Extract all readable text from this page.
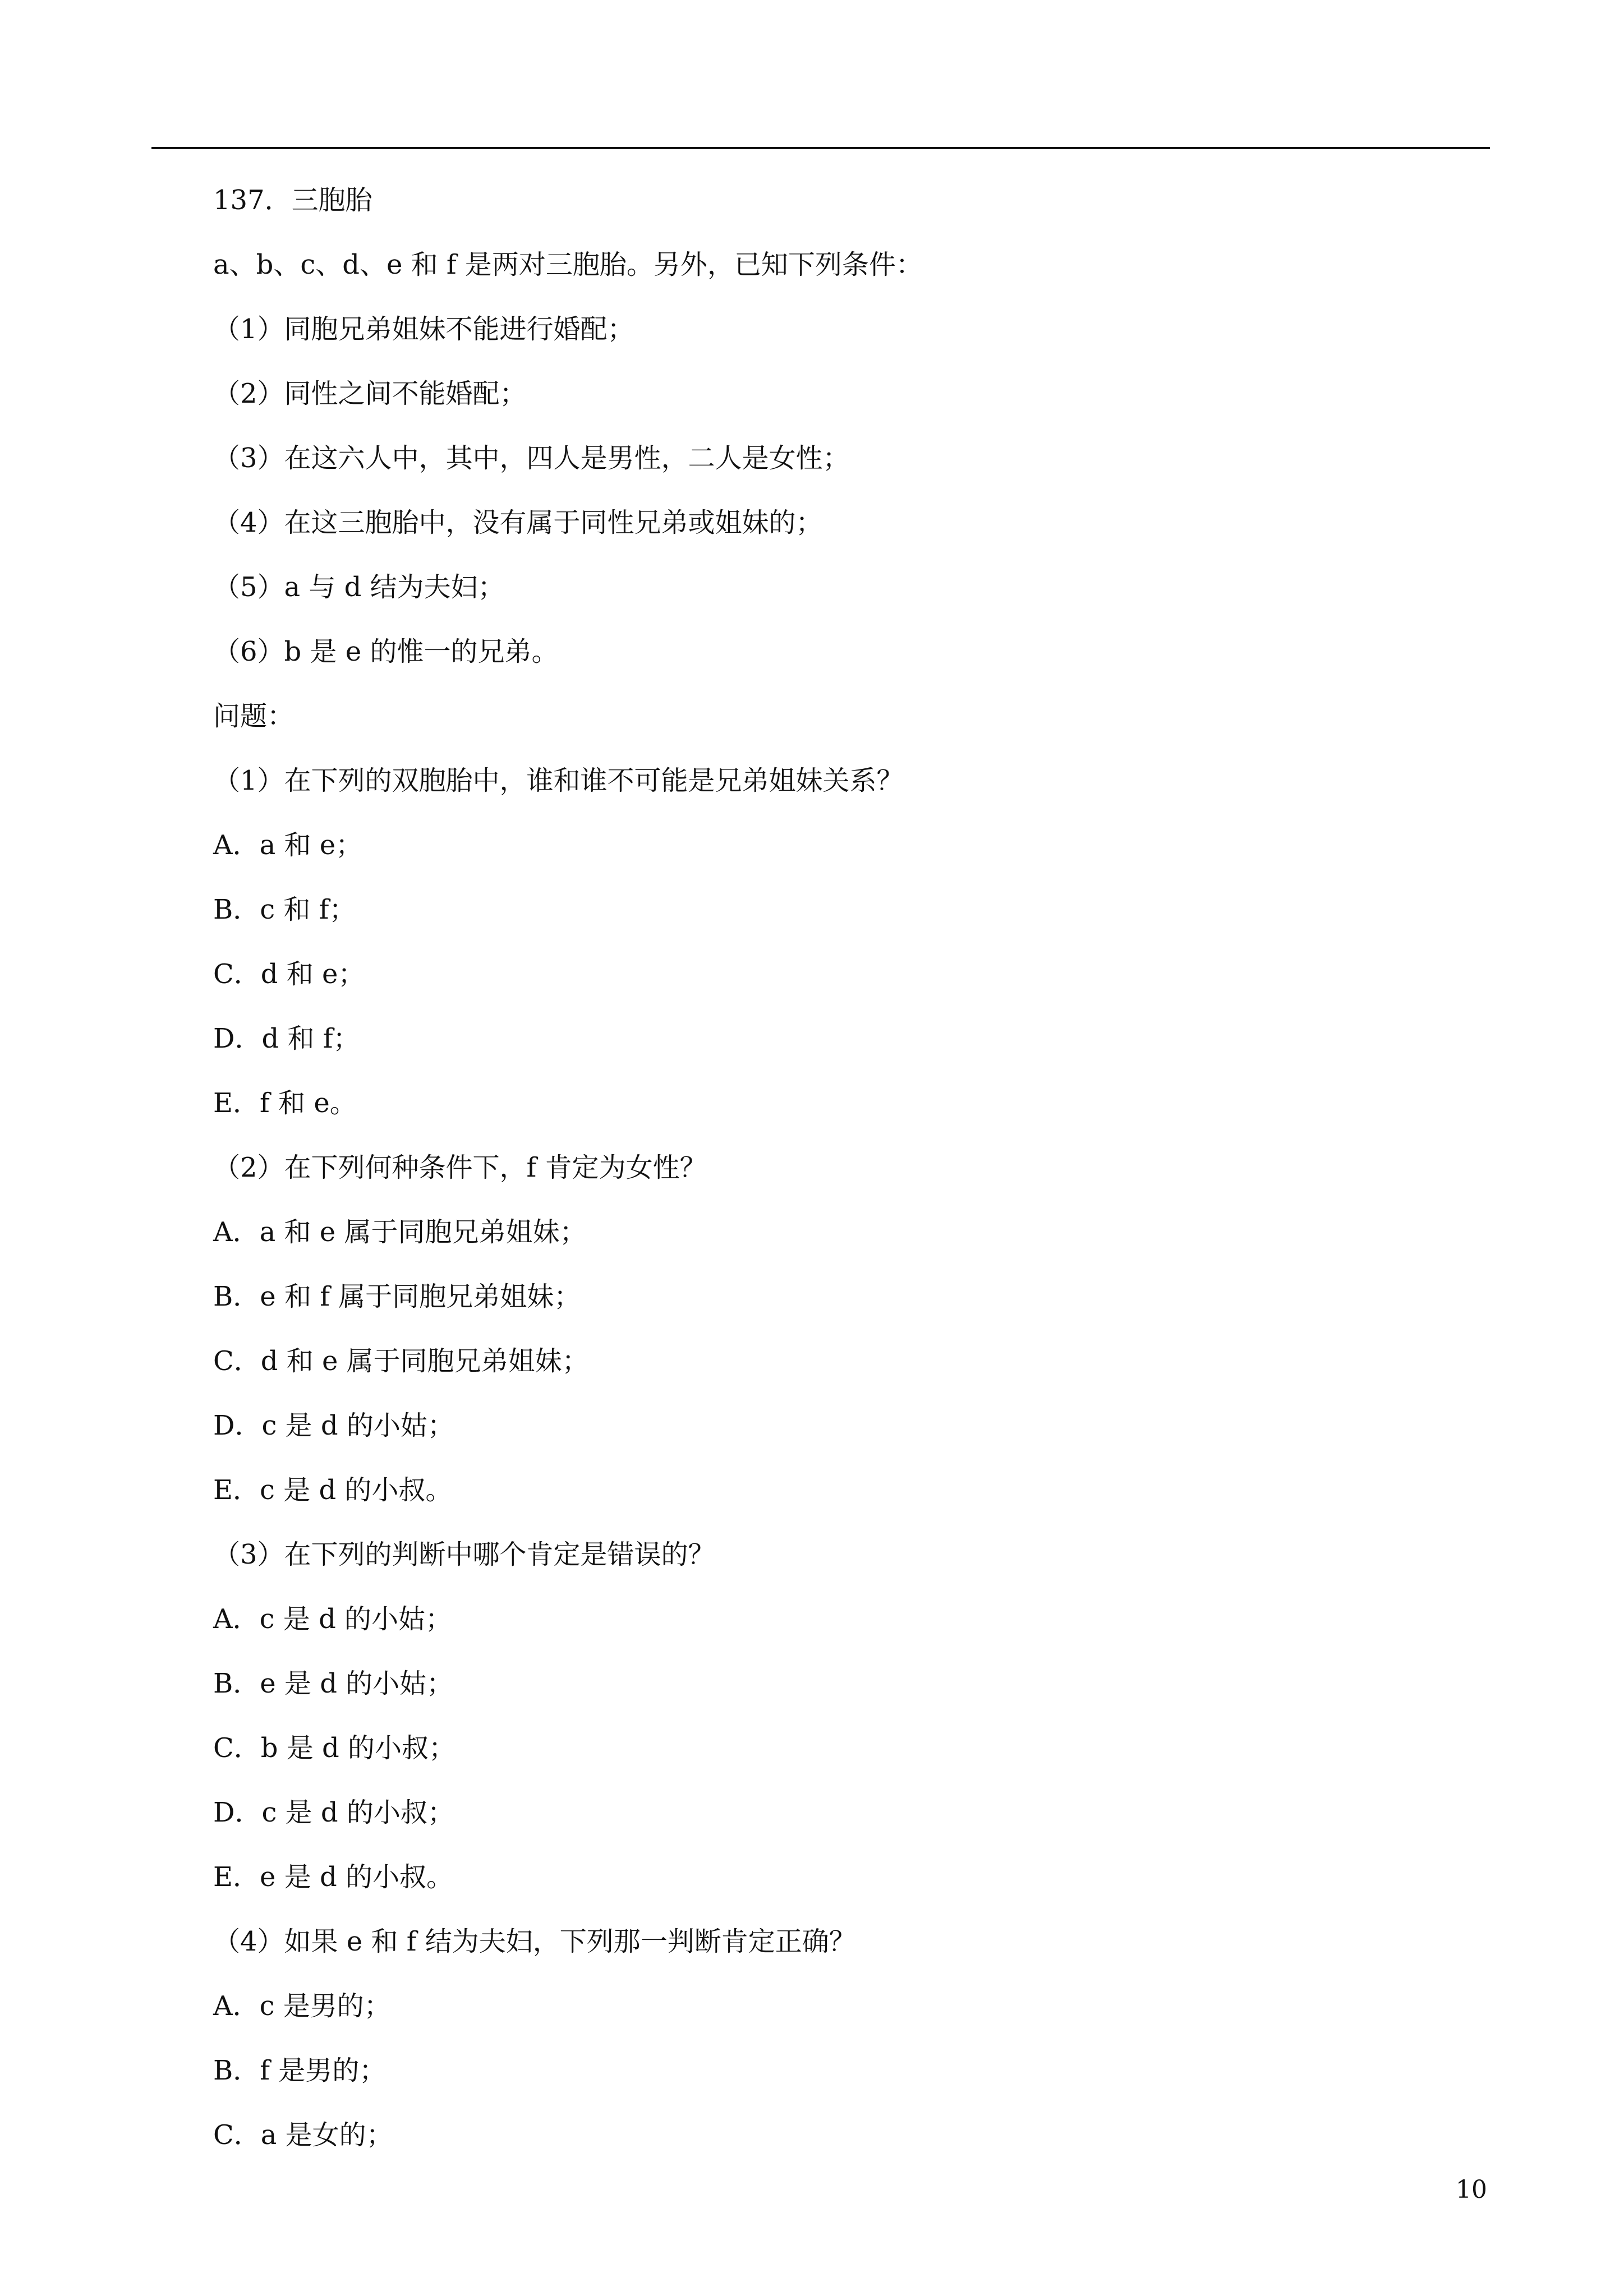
137．三胞胎
a、b、c、d、e 和 f 是两对三胞胎。另外，已知下列条件：
（1）同胞兄弟姐妹不能进行婚配；
（2）同性之间不能婚配；
（3）在这六人中，其中，四人是男性，二人是女性；
（4）在这三胞胎中，没有属于同性兄弟或姐妹的；
（5）a 与 d 结为夫妇；
（6）b 是 e 的惟一的兄弟。
问题：
（1）在下列的双胞胎中，谁和谁不可能是兄弟姐妹关系？
A．a 和 e；
B．c 和 f；
C．d 和 e；
D．d 和 f；
E．f 和 e。
（2）在下列何种条件下，f 肯定为女性？
A．a 和 e 属于同胞兄弟姐妹；
B．e 和 f 属于同胞兄弟姐妹；
C．d 和 e 属于同胞兄弟姐妹；
D．c 是 d 的小姑；
E．c 是 d 的小叔。
（3）在下列的判断中哪个肯定是错误的？
A．c 是 d 的小姑；
B．e 是 d 的小姑；
C．b 是 d 的小叔；
D．c 是 d 的小叔；
E．e 是 d 的小叔。
（4）如果 e 和 f 结为夫妇，下列那一判断肯定正确？
A．c 是男的；
B．f 是男的；
C．a 是女的；
10
